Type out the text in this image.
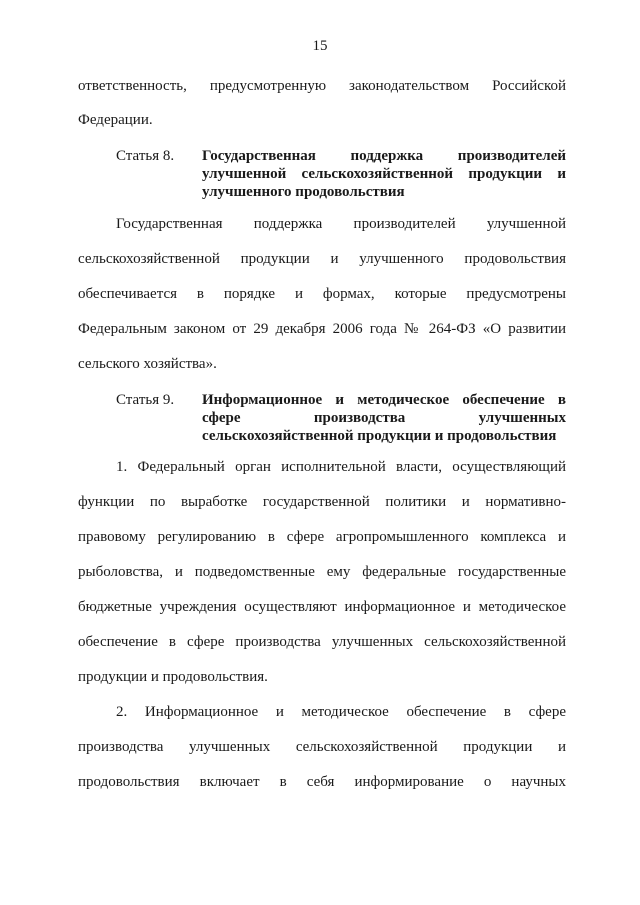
15
ответственность, предусмотренную законодательством Российской
Федерации.
Статья 8. Государственная поддержка производителей
улучшенной сельскохозяйственной продукции и
улучшенного продовольствия
Государственная поддержка производителей улучшенной
сельскохозяйственной продукции и улучшенного продовольствия
обеспечивается в порядке и формах, которые предусмотрены
Федеральным законом от 29 декабря 2006 года № 264-ФЗ «О развитии
сельского хозяйства».
Статья 9. Информационное и методическое обеспечение в
сфере производства улучшенных
сельскохозяйственной продукции и продовольствия
1. Федеральный орган исполнительной власти, осуществляющий
функции по выработке государственной политики и нормативно-
правовому регулированию в сфере агропромышленного комплекса и
рыболовства, и подведомственные ему федеральные государственные
бюджетные учреждения осуществляют информационное и методическое
обеспечение в сфере производства улучшенных сельскохозяйственной
продукции и продовольствия.
2. Информационное и методическое обеспечение в сфере
производства улучшенных сельскохозяйственной продукции и
продовольствия включает в себя информирование о научных
